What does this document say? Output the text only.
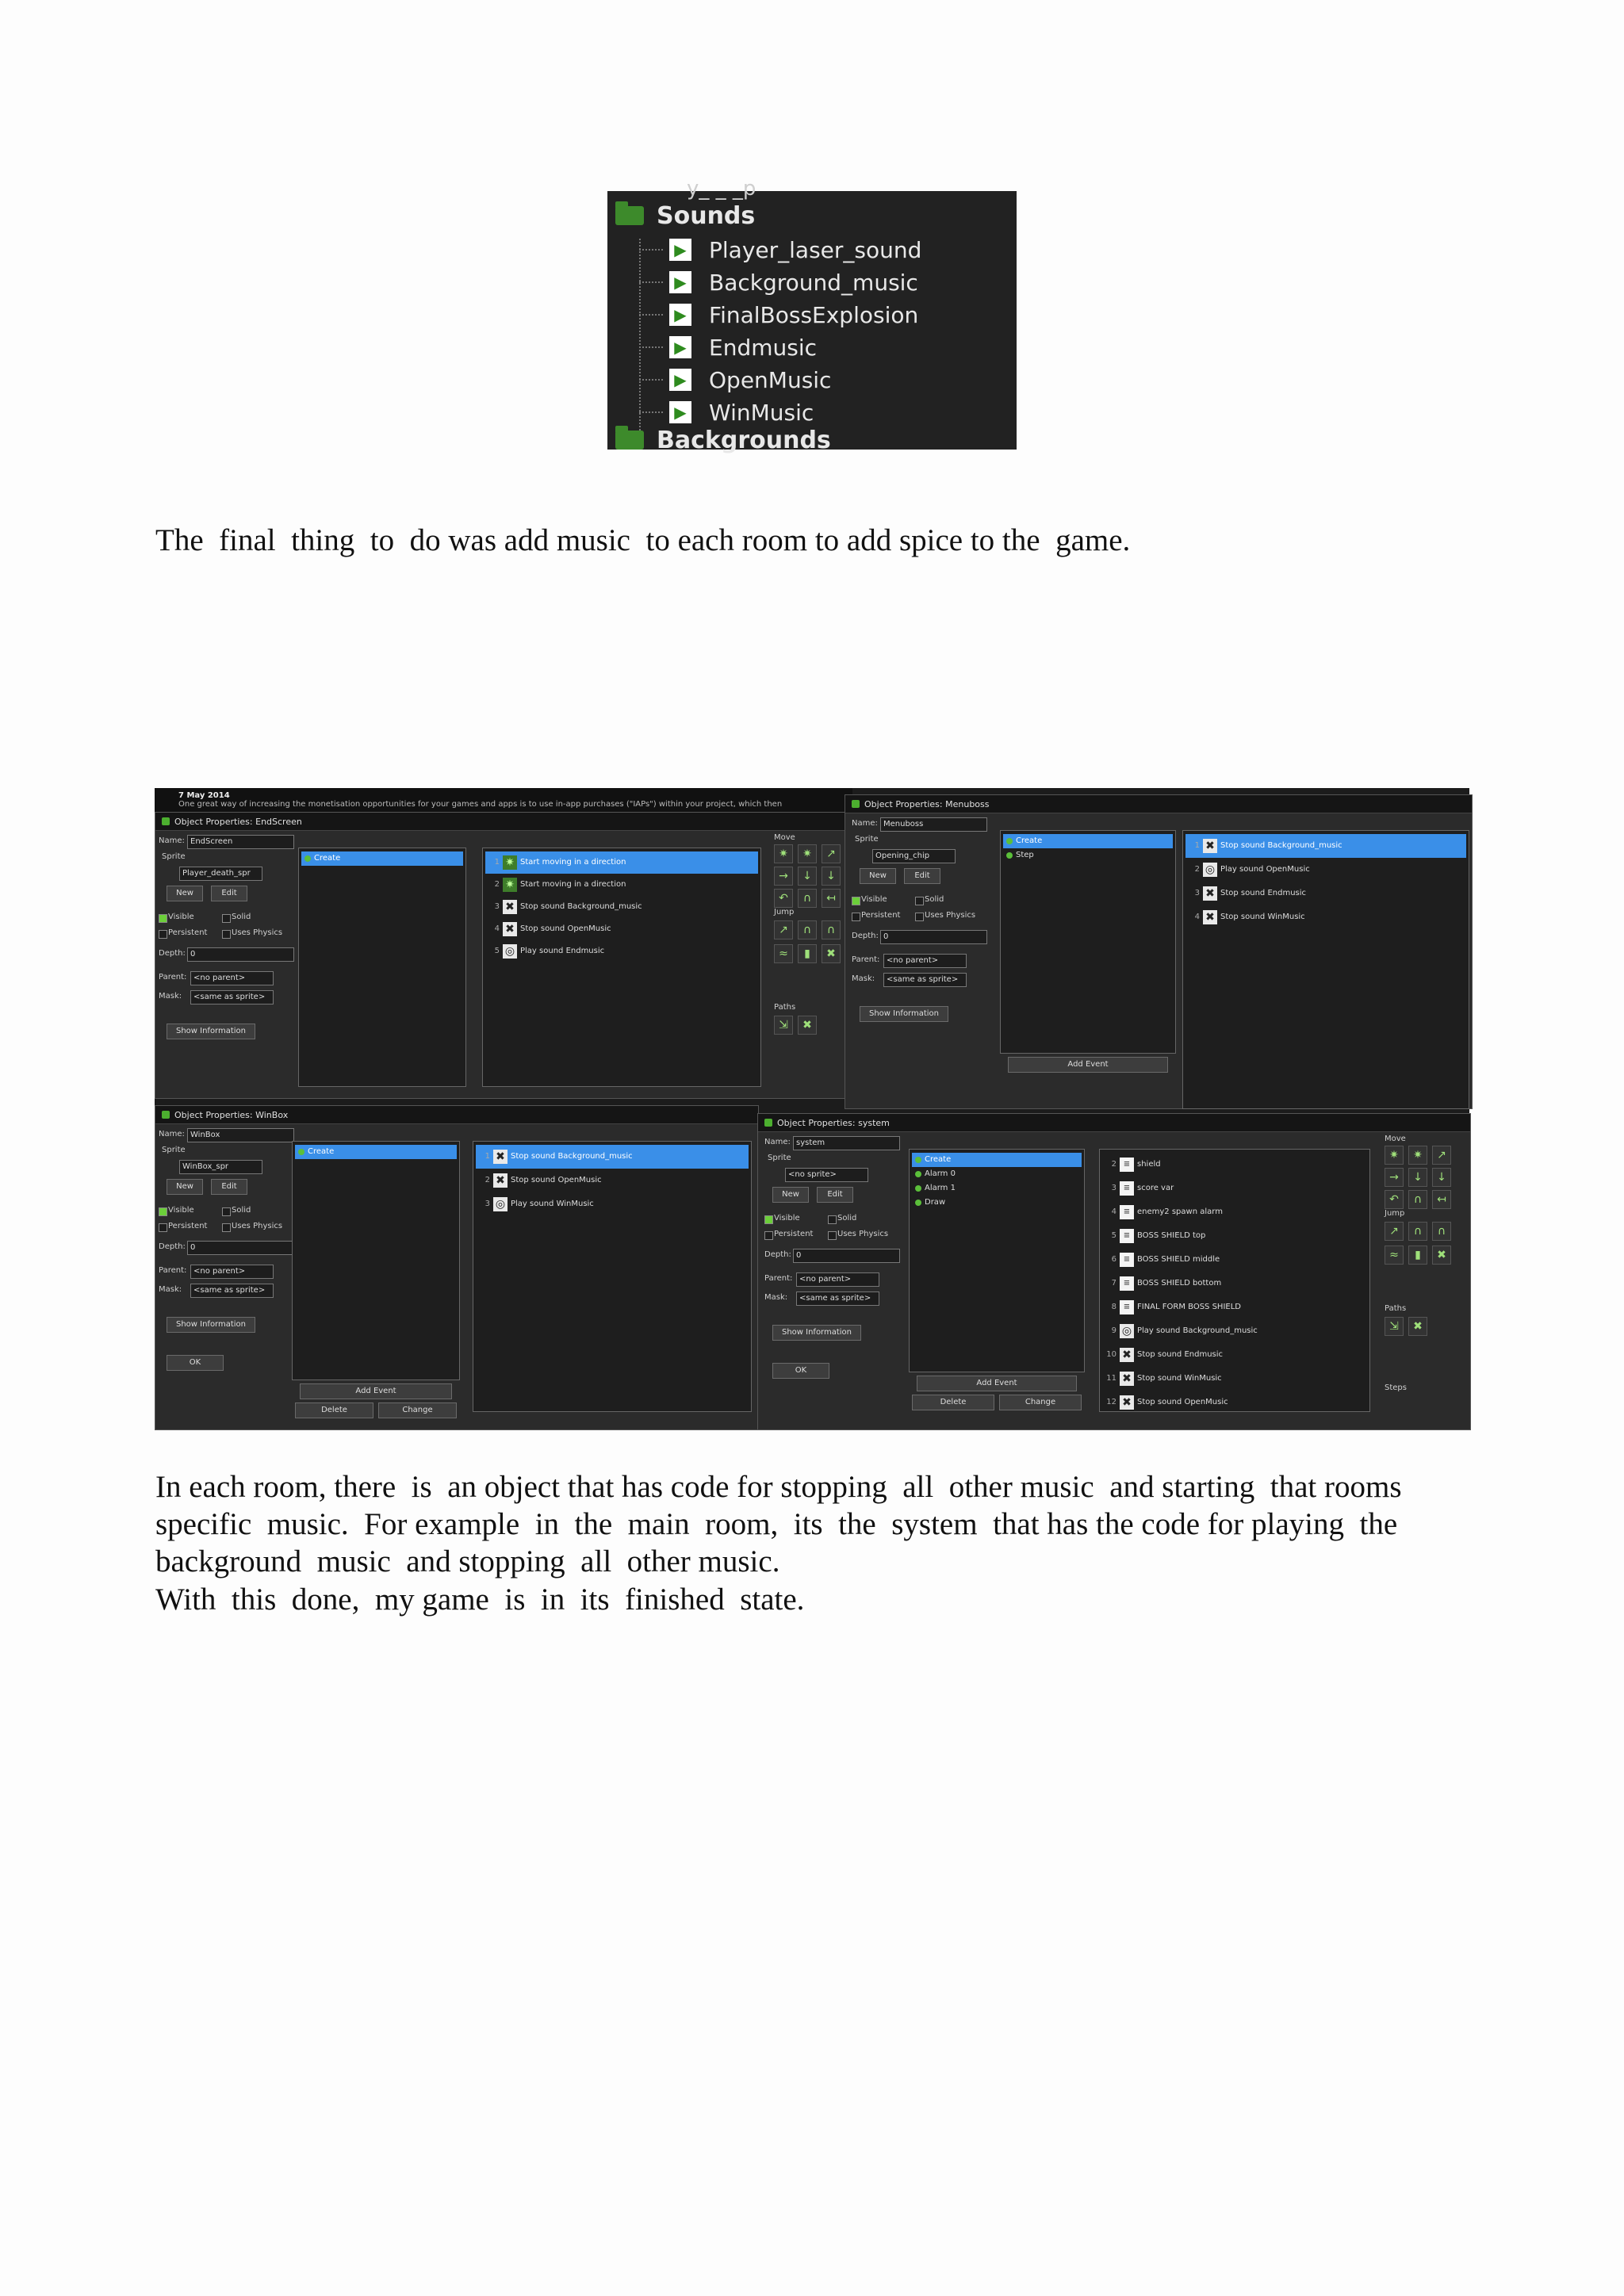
y_ _ _p
Sounds
Backgrounds
▶ Player_laser_sound
▶ Background_music
▶ FinalBossExplosion
▶ Endmusic
▶ OpenMusic
▶ WinMusic

The  final  thing  to  do was add music  to each room to add spice to the  game.

7 May 2014
One great way of increasing the monetisation opportunities for your games and apps is to use in-app purchases ("IAPs") within your project, which then
Object Properties: EndScreen
Name: EndScreen
Sprite
Player_death_spr
New	Edit
Visible	Solid
Persistent	Uses Physics
Depth: 0
Parent: <no parent>
Mask:	<same as sprite>
Show Information
Create	1 ✷ Start moving in a direction
2 ✷ Start moving in a direction
3 ✖ Stop sound Background_music
4 ✖ Stop sound OpenMusic
5 ◎ Play sound Endmusic
Move
Jump
Paths
✷	✷	↗
→	↓	↓
↶	∩	↤
↗	∩	∩
≈	▮	✖
⇲	✖
Object Properties: Menuboss
Name: Menuboss
Sprite
Opening_chip
New	Edit
Visible	Solid
Persistent	Uses Physics
Depth: 0
Parent: <no parent>
Mask:	<same as sprite>
Show Information
Create
Step
Add Event
1 ✖ Stop sound Background_music
2 ◎ Play sound OpenMusic
3 ✖ Stop sound Endmusic
4 ✖ Stop sound WinMusic
Object Properties: WinBox
Name: WinBox
Sprite
WinBox_spr
New	Edit
Visible	Solid
Persistent	Uses Physics
Depth: 0
Parent: <no parent>
Mask:	<same as sprite>
Show Information
OK
Create
Add Event
Delete	Change
1 ✖ Stop sound Background_music
2 ✖ Stop sound OpenMusic
3 ◎ Play sound WinMusic
Object Properties: system
Name: system
Sprite
<no sprite>
New	Edit
Visible	Solid
Persistent	Uses Physics
Depth: 0
Parent: <no parent>
Mask:	<same as sprite>
Show Information
OK
Create
Alarm 0
Alarm 1
Draw
Add Event
Delete	Change
2 ≡ shield
3 ≡ score var
4 ≡ enemy2 spawn alarm
5 ≡ BOSS SHIELD top
6 ≡ BOSS SHIELD middle
7 ≡ BOSS SHIELD bottom
8 ≡ FINAL FORM BOSS SHIELD
9 ◎ Play sound Background_music
10 ✖ Stop sound Endmusic
11 ✖ Stop sound WinMusic
12 ✖ Stop sound OpenMusic
Move
Jump
Paths
Steps
✷	✷	↗
→	↓	↓
↶	∩	↤
↗	∩	∩
≈	▮	✖
⇲	✖

In each room, there  is  an object that has code for stopping  all  other music  and starting  that rooms
specific  music.  For example  in  the  main  room,  its  the  system  that has the code for playing  the
background  music  and stopping  all  other music.

With  this  done,  my game  is  in  its  finished  state.
